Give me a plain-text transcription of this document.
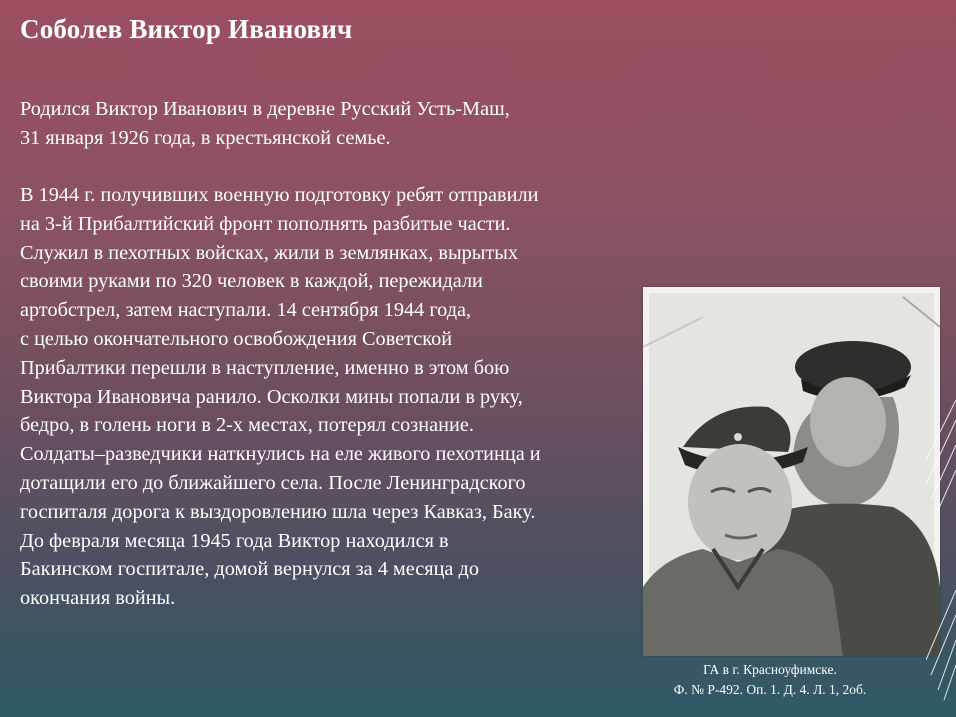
Соболев Виктор Иванович

Родился Виктор Иванович в деревне Русский Усть-Маш,
31 января 1926 года, в крестьянской семье.

В 1944 г. получивших военную подготовку ребят отправили
на 3-й Прибалтийский фронт пополнять разбитые части.
Служил в пехотных войсках, жили в землянках, вырытых
своими руками по 320 человек в каждой, пережидали
артобстрел, затем наступали. 14 сентября 1944 года,
с целью окончательного освобождения Советской
Прибалтики перешли в наступление, именно в этом бою
Виктора Ивановича ранило. Осколки мины попали в руку,
бедро, в голень ноги в 2-х местах, потерял сознание.
Солдаты–разведчики наткнулись на еле живого пехотинца и
дотащили его до ближайшего села. После Ленинградского
госпиталя дорога к выздоровлению шла через Кавказ, Баку.
До февраля месяца 1945 года Виктор находился в
Бакинском госпитале, домой вернулся за 4 месяца до
окончания войны.

ГА в г. Красноуфимске.
Ф. № Р-492. Оп. 1. Д. 4. Л. 1, 2об.
